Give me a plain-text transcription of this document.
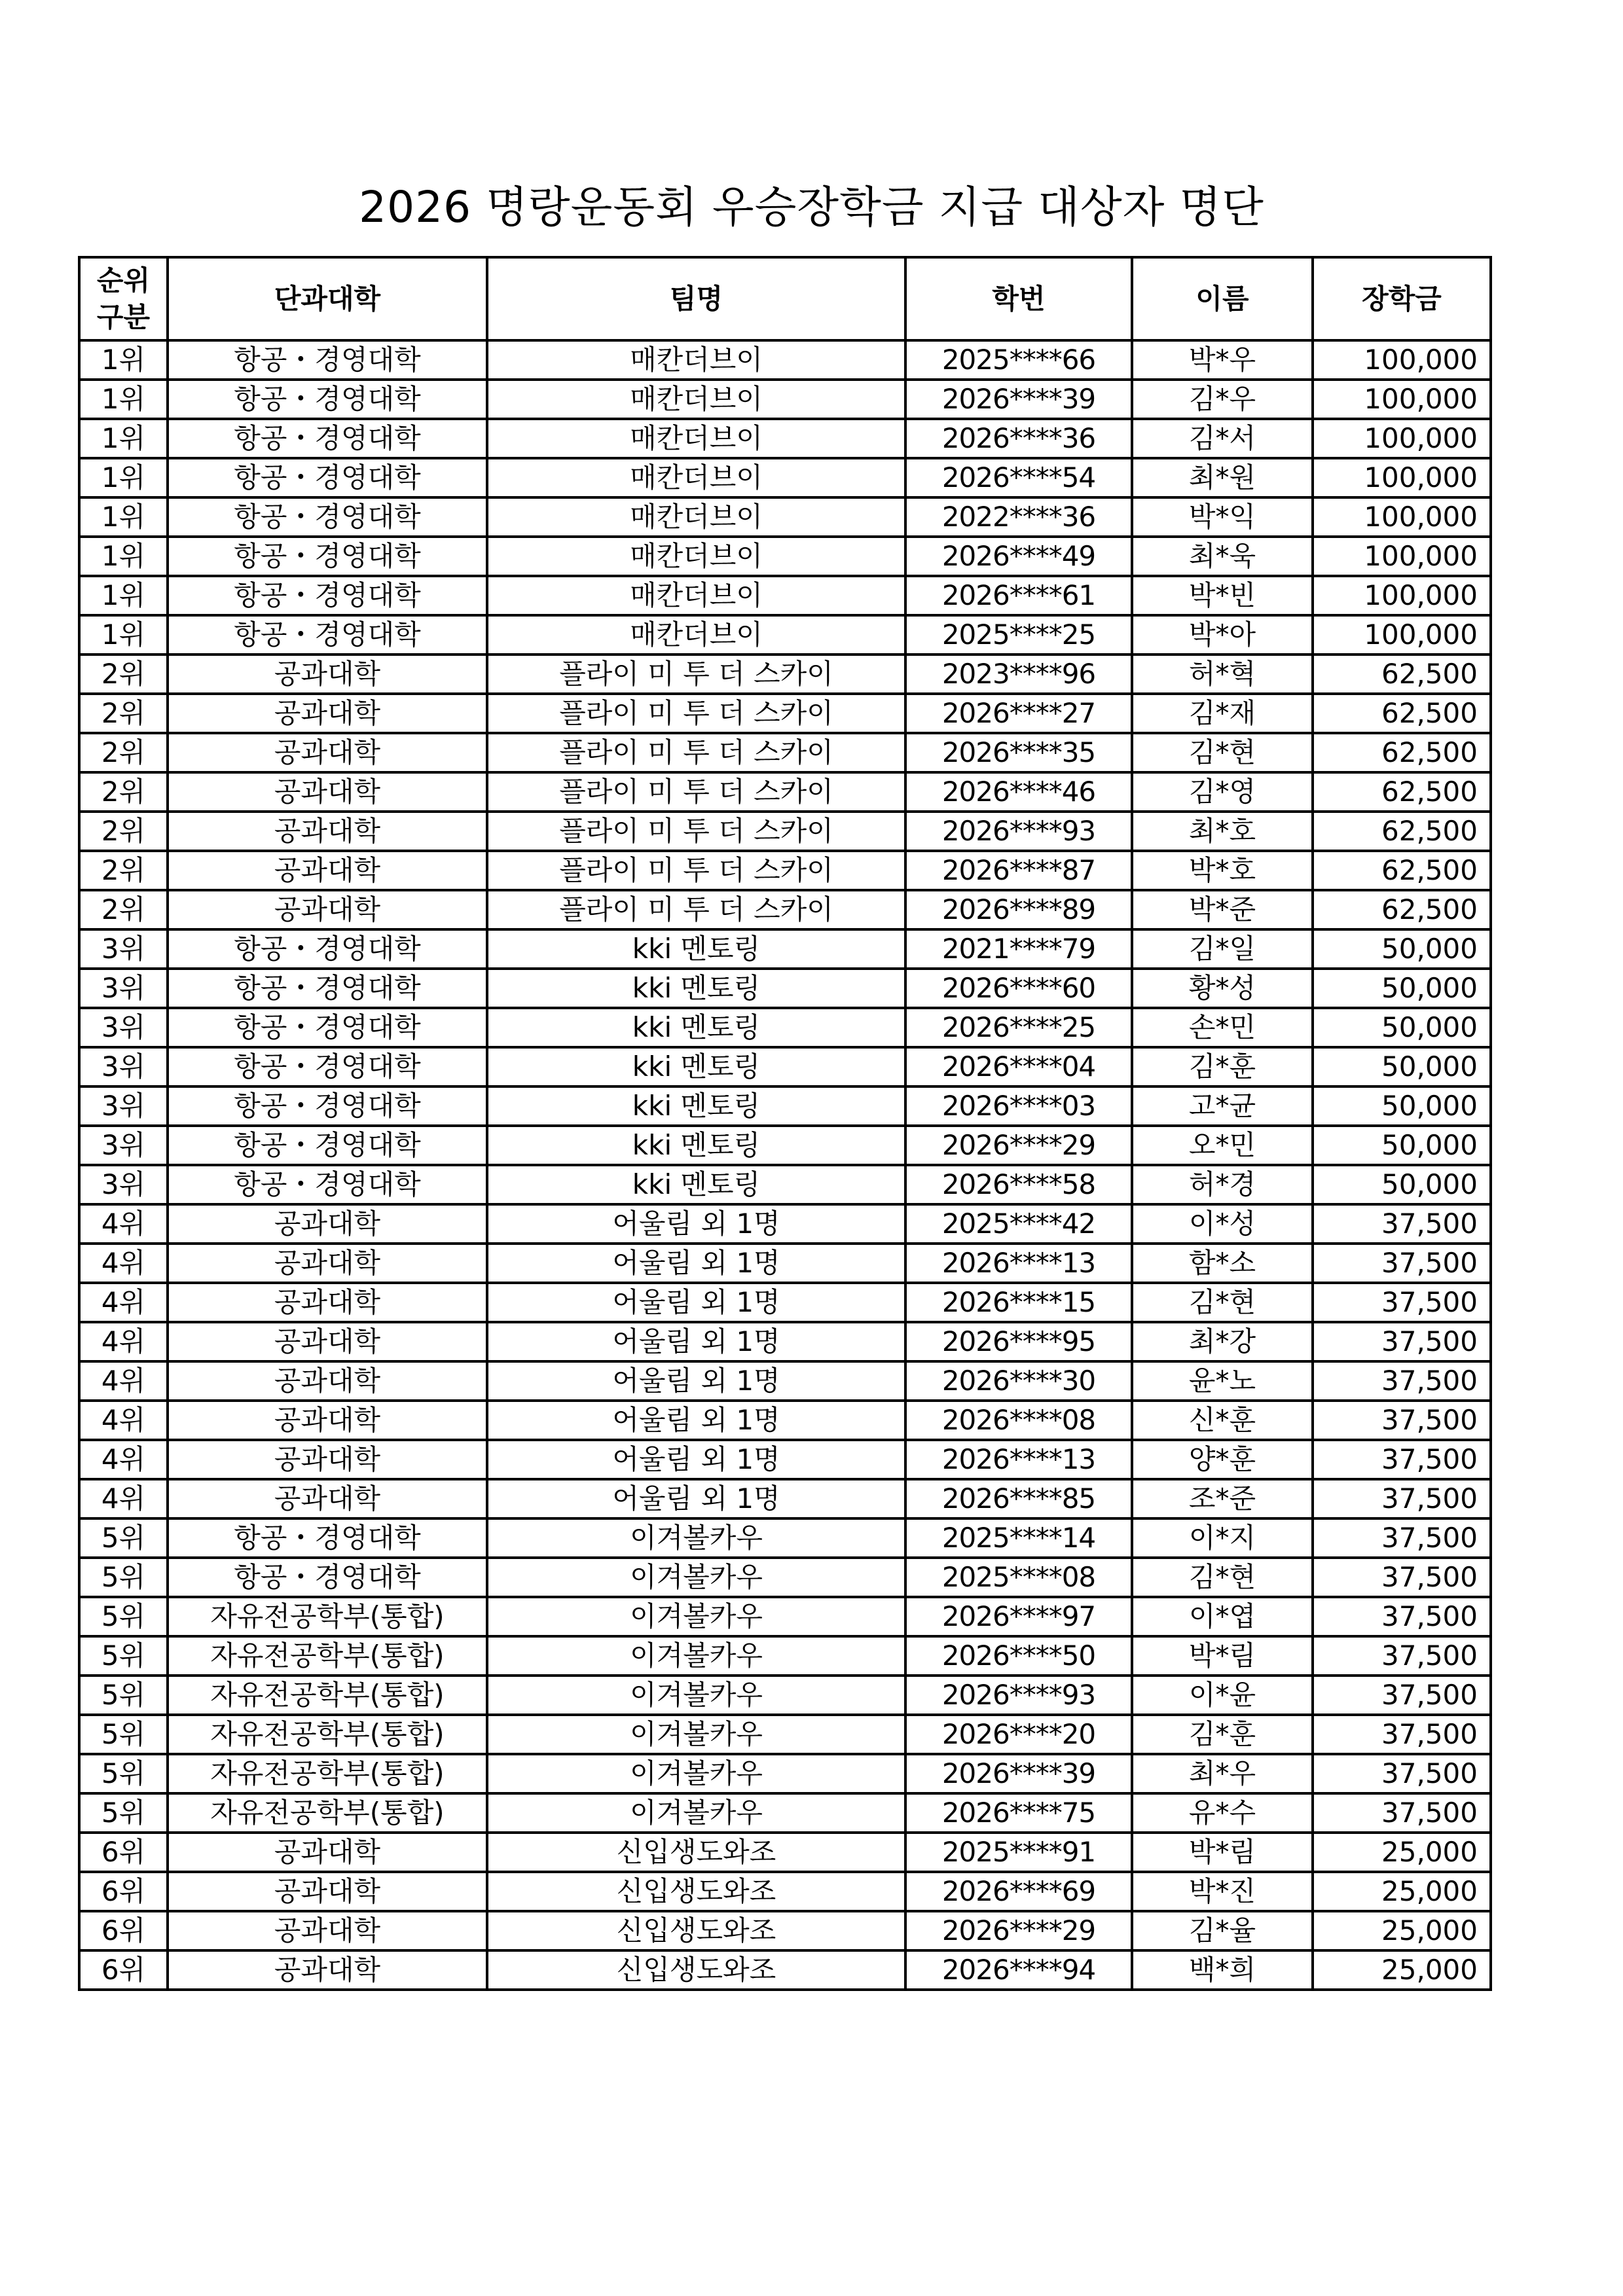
2026 명랑운동회 우승장학금 지급 대상자 명단
순위
구분	단과대학	팀명	학번	이름	장학금
1위	항공・경영대학	매칸더브이	2025****66	박*우	100,000
1위	항공・경영대학	매칸더브이	2026****39	김*우	100,000
1위	항공・경영대학	매칸더브이	2026****36	김*서	100,000
1위	항공・경영대학	매칸더브이	2026****54	최*원	100,000
1위	항공・경영대학	매칸더브이	2022****36	박*익	100,000
1위	항공・경영대학	매칸더브이	2026****49	최*욱	100,000
1위	항공・경영대학	매칸더브이	2026****61	박*빈	100,000
1위	항공・경영대학	매칸더브이	2025****25	박*아	100,000
2위	공과대학	플라이 미 투 더 스카이	2023****96	허*혁	62,500
2위	공과대학	플라이 미 투 더 스카이	2026****27	김*재	62,500
2위	공과대학	플라이 미 투 더 스카이	2026****35	김*현	62,500
2위	공과대학	플라이 미 투 더 스카이	2026****46	김*영	62,500
2위	공과대학	플라이 미 투 더 스카이	2026****93	최*호	62,500
2위	공과대학	플라이 미 투 더 스카이	2026****87	박*호	62,500
2위	공과대학	플라이 미 투 더 스카이	2026****89	박*준	62,500
3위	항공・경영대학	kki 멘토링	2021****79	김*일	50,000
3위	항공・경영대학	kki 멘토링	2026****60	황*성	50,000
3위	항공・경영대학	kki 멘토링	2026****25	손*민	50,000
3위	항공・경영대학	kki 멘토링	2026****04	김*훈	50,000
3위	항공・경영대학	kki 멘토링	2026****03	고*균	50,000
3위	항공・경영대학	kki 멘토링	2026****29	오*민	50,000
3위	항공・경영대학	kki 멘토링	2026****58	허*경	50,000
4위	공과대학	어울림 외 1명	2025****42	이*성	37,500
4위	공과대학	어울림 외 1명	2026****13	함*소	37,500
4위	공과대학	어울림 외 1명	2026****15	김*현	37,500
4위	공과대학	어울림 외 1명	2026****95	최*강	37,500
4위	공과대학	어울림 외 1명	2026****30	윤*노	37,500
4위	공과대학	어울림 외 1명	2026****08	신*훈	37,500
4위	공과대학	어울림 외 1명	2026****13	양*훈	37,500
4위	공과대학	어울림 외 1명	2026****85	조*준	37,500
5위	항공・경영대학	이겨볼카우	2025****14	이*지	37,500
5위	항공・경영대학	이겨볼카우	2025****08	김*현	37,500
5위	자유전공학부(통합)	이겨볼카우	2026****97	이*엽	37,500
5위	자유전공학부(통합)	이겨볼카우	2026****50	박*림	37,500
5위	자유전공학부(통합)	이겨볼카우	2026****93	이*윤	37,500
5위	자유전공학부(통합)	이겨볼카우	2026****20	김*훈	37,500
5위	자유전공학부(통합)	이겨볼카우	2026****39	최*우	37,500
5위	자유전공학부(통합)	이겨볼카우	2026****75	유*수	37,500
6위	공과대학	신입생도와조	2025****91	박*림	25,000
6위	공과대학	신입생도와조	2026****69	박*진	25,000
6위	공과대학	신입생도와조	2026****29	김*율	25,000
6위	공과대학	신입생도와조	2026****94	백*희	25,000
